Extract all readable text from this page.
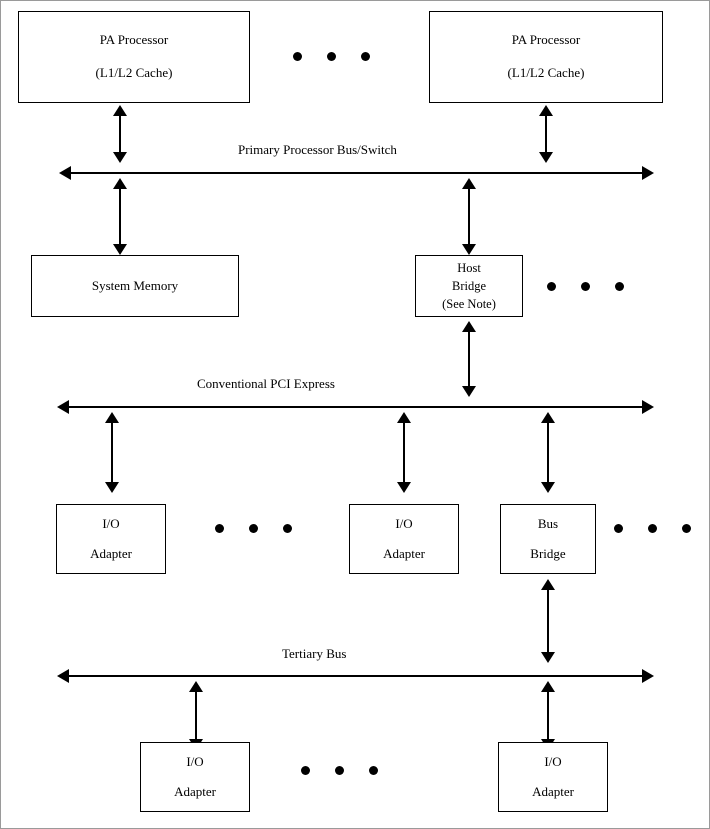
PA Processor
(L1/L2 Cache)
PA Processor
(L1/L2 Cache)
Primary Processor Bus/Switch
System Memory
Host
Bridge
(See Note)
Conventional PCI Express
I/O
Adapter
I/O
Adapter
Bus
Bridge
Tertiary Bus
I/O
Adapter
I/O
Adapter
